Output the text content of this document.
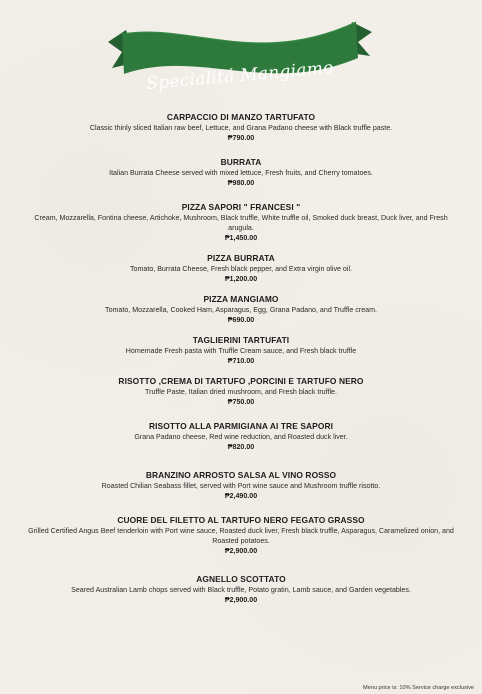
Specialitá Mangiamo
CARPACCIO DI MANZO TARTUFATO
Classic thinly sliced Italian raw beef, Lettuce, and Grana Padano cheese with Black truffle paste.
₱790.00
BURRATA
Italian Burrata Cheese served with mixed lettuce, Fresh fruits, and Cherry tomatoes.
₱980.00
PIZZA SAPORI " FRANCESI "
Cream, Mozzarella, Fontina cheese, Artichoke, Mushroom, Black truffle, White truffle oil, Smoked duck breast, Duck liver, and Fresh arugula.
₱1,450.00
PIZZA BURRATA
Tomato, Burrata Cheese, Fresh black pepper, and Extra virgin olive oil.
₱1,200.00
PIZZA MANGIAMO
Tomato, Mozzarella, Cooked Ham, Asparagus, Egg, Grana Padano, and Truffle cream.
₱690.00
TAGLIERINI TARTUFATI
Homemade Fresh pasta with Truffle Cream sauce, and Fresh black truffle
₱710.00
RISOTTO ,CREMA DI TARTUFO ,PORCINI E TARTUFO NERO
Truffle Paste, Italian dried mushroom, and Fresh black truffle.
₱750.00
RISOTTO ALLA PARMIGIANA AI TRE SAPORI
Grana Padano cheese, Red wine reduction, and Roasted duck liver.
₱820.00
BRANZINO ARROSTO SALSA AL VINO ROSSO
Roasted Chilian Seabass fillet, served with Port wine sauce and Mushroom truffle risotto.
₱2,490.00
CUORE DEL FILETTO AL TARTUFO NERO FEGATO GRASSO
Grilled Certified Angus Beef tenderloin with Port wine sauce, Roasted duck liver, Fresh black truffle, Asparagus, Caramelized onion, and Roasted potatoes.
₱2,900.00
AGNELLO SCOTTATO
Seared Australian Lamb chops served with Black truffle, Potato gratin, Lamb sauce, and Garden vegetables.
₱2,900.00
Menu price is: 10% Service charge exclusive
